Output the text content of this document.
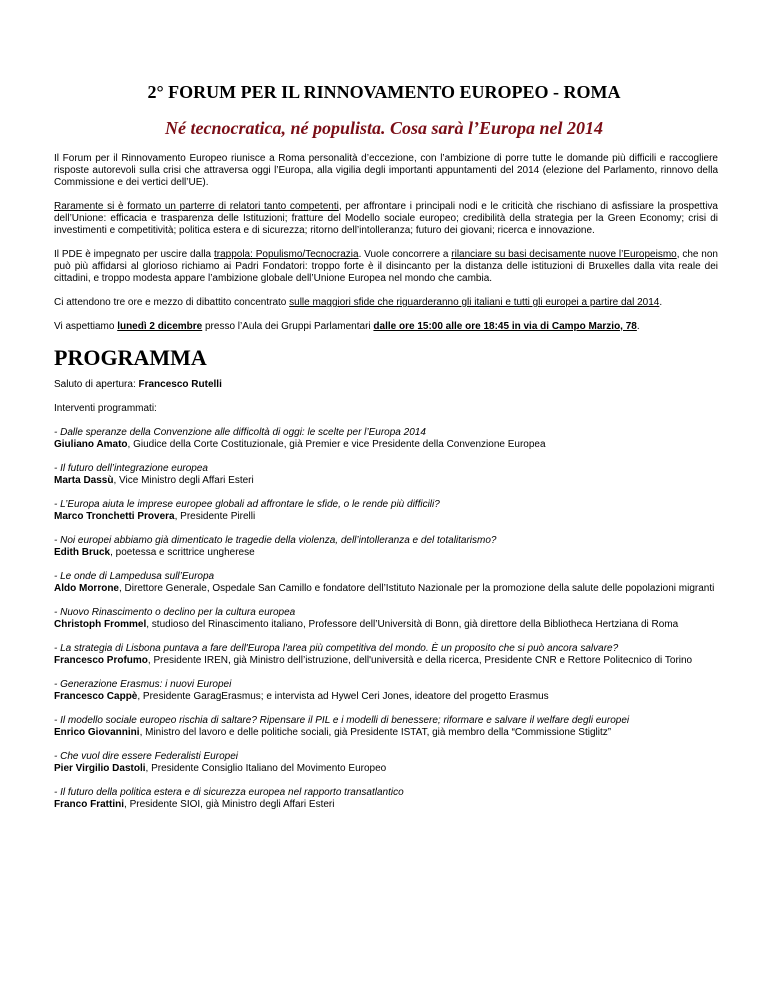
2° FORUM PER IL RINNOVAMENTO EUROPEO - ROMA
Né tecnocratica, né populista. Cosa sarà l’Europa nel 2014

Il Forum per il Rinnovamento Europeo riunisce a Roma personalità d’eccezione, con l’ambizione di porre tutte le domande più difficili e raccogliere risposte autorevoli sulla crisi che attraversa oggi l’Europa, alla vigilia degli importanti appuntamenti del 2014 (elezione del Parlamento, rinnovo della Commissione e dei vertici dell’UE).

Raramente si è formato un parterre di relatori tanto competenti, per affrontare i principali nodi e le criticità che rischiano di asfissiare la prospettiva dell’Unione: efficacia e trasparenza delle Istituzioni; fratture del Modello sociale europeo; credibilità della strategia per la Green Economy; crisi di investimenti e competitività; politica estera e di sicurezza; ritorno dell’intolleranza; futuro dei giovani; ricerca e innovazione.

Il PDE è impegnato per uscire dalla trappola: Populismo/Tecnocrazia. Vuole concorrere a rilanciare su basi decisamente nuove l’Europeismo, che non può più affidarsi al glorioso richiamo ai Padri Fondatori: troppo forte è il disincanto per la distanza delle istituzioni di Bruxelles dalla vita reale dei cittadini, e troppo modesta appare l’ambizione globale dell’Unione Europea nel mondo che cambia.

Ci attendono tre ore e mezzo di dibattito concentrato sulle maggiori sfide che riguarderanno gli italiani e tutti gli europei a partire dal 2014.

Vi aspettiamo lunedì 2 dicembre presso l’Aula dei Gruppi Parlamentari dalle ore 15:00 alle ore 18:45 in via di Campo Marzio, 78.

PROGRAMMA

Saluto di apertura: Francesco Rutelli

Interventi programmati:

- Dalle speranze della Convenzione alle difficoltà di oggi: le scelte per l’Europa 2014
Giuliano Amato, Giudice della Corte Costituzionale, già Premier e vice Presidente della Convenzione Europea
- Il futuro dell’integrazione europea
Marta Dassù, Vice Ministro degli Affari Esteri
- L’Europa aiuta le imprese europee globali ad affrontare le sfide, o le rende più difficili?
Marco Tronchetti Provera, Presidente Pirelli
- Noi europei abbiamo già dimenticato le tragedie della violenza, dell’intolleranza e del totalitarismo?
Edith Bruck, poetessa e scrittrice ungherese
- Le onde di Lampedusa sull’Europa
Aldo Morrone, Direttore Generale, Ospedale San Camillo e fondatore dell’Istituto Nazionale per la promozione della salute delle popolazioni migranti
- Nuovo Rinascimento o declino per la cultura europea
Christoph Frommel, studioso del Rinascimento italiano, Professore dell’Università di Bonn, già direttore della Bibliotheca Hertziana di Roma
- La strategia di Lisbona puntava a fare dell'Europa l'area più competitiva del mondo. È un proposito che si può ancora salvare?
Francesco Profumo, Presidente IREN, già Ministro dell’istruzione, dell'università e della ricerca, Presidente CNR e Rettore Politecnico di Torino
- Generazione Erasmus: i nuovi Europei
Francesco Cappè, Presidente GaragErasmus; e intervista ad Hywel Ceri Jones, ideatore del progetto Erasmus
- Il modello sociale europeo rischia di saltare? Ripensare il PIL e i modelli di benessere; riformare e salvare il welfare degli europei
Enrico Giovannini, Ministro del lavoro e delle politiche sociali, già Presidente ISTAT, già membro della “Commissione Stiglitz”
- Che vuol dire essere Federalisti Europei
Pier Virgilio Dastoli, Presidente Consiglio Italiano del Movimento Europeo
- Il futuro della politica estera e di sicurezza europea nel rapporto transatlantico
Franco Frattini, Presidente SIOI, già Ministro degli Affari Esteri
